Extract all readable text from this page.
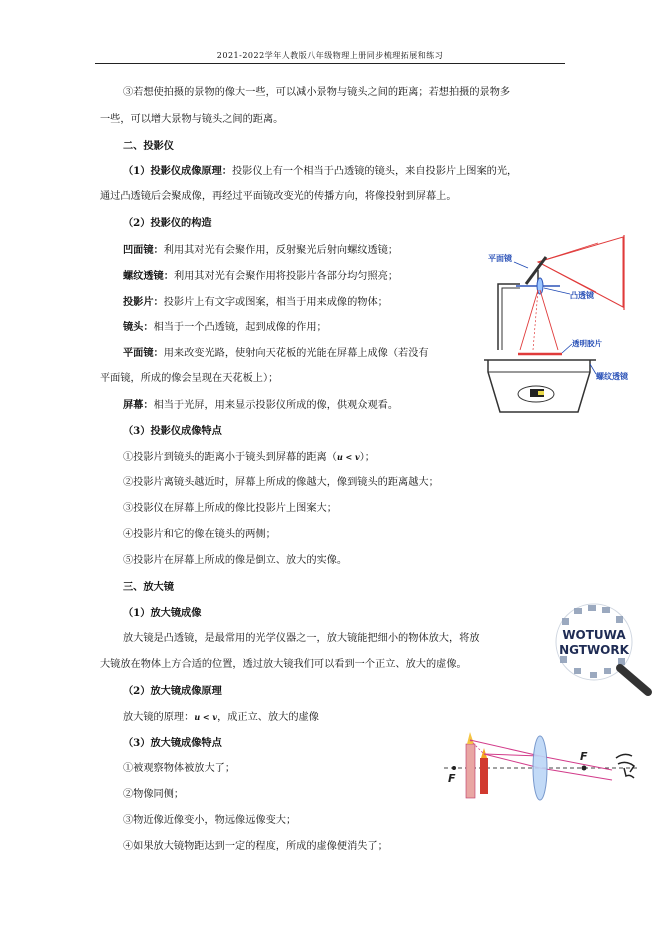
2021-2022学年人教版八年级物理上册同步梳理拓展和练习
③若想使拍摄的景物的像大一些，可以减小景物与镜头之间的距离；若想拍摄的景物多
一些，可以增大景物与镜头之间的距离。
二、投影仪
（1）投影仪成像原理：投影仪上有一个相当于凸透镜的镜头，来自投影片上图案的光，
通过凸透镜后会聚成像，再经过平面镜改变光的传播方向，将像投射到屏幕上。
（2）投影仪的构造
凹面镜：利用其对光有会聚作用，反射聚光后射向螺纹透镜；
螺纹透镜：利用其对光有会聚作用将投影片各部分均匀照亮；
投影片：投影片上有文字或图案，相当于用来成像的物体；
镜头：相当于一个凸透镜，起到成像的作用；
平面镜：用来改变光路，使射向天花板的光能在屏幕上成像（若没有
平面镜，所成的像会呈现在天花板上）；
屏幕：相当于光屏，用来显示投影仪所成的像，供观众观看。
（3）投影仪成像特点
①投影片到镜头的距离小于镜头到屏幕的距离（u < v）；
②投影片离镜头越近时，屏幕上所成的像越大，像到镜头的距离越大；
③投影仪在屏幕上所成的像比投影片上图案大；
④投影片和它的像在镜头的两侧；
⑤投影片在屏幕上所成的像是倒立、放大的实像。
三、放大镜
（1）放大镜成像
放大镜是凸透镜，是最常用的光学仪器之一，放大镜能把细小的物体放大，将放
大镜放在物体上方合适的位置，透过放大镜我们可以看到一个正立、放大的虚像。
（2）放大镜成像原理
放大镜的原理：u < v，成正立、放大的虚像
（3）放大镜成像特点
①被观察物体被放大了；
②物像同侧；
③物近像近像变小，物远像远像变大；
④如果放大镜物距达到一定的程度，所成的虚像便消失了；
平面镜
凸透镜
透明胶片
螺纹透镜
WOTUWA
NGTWORK
F
F
